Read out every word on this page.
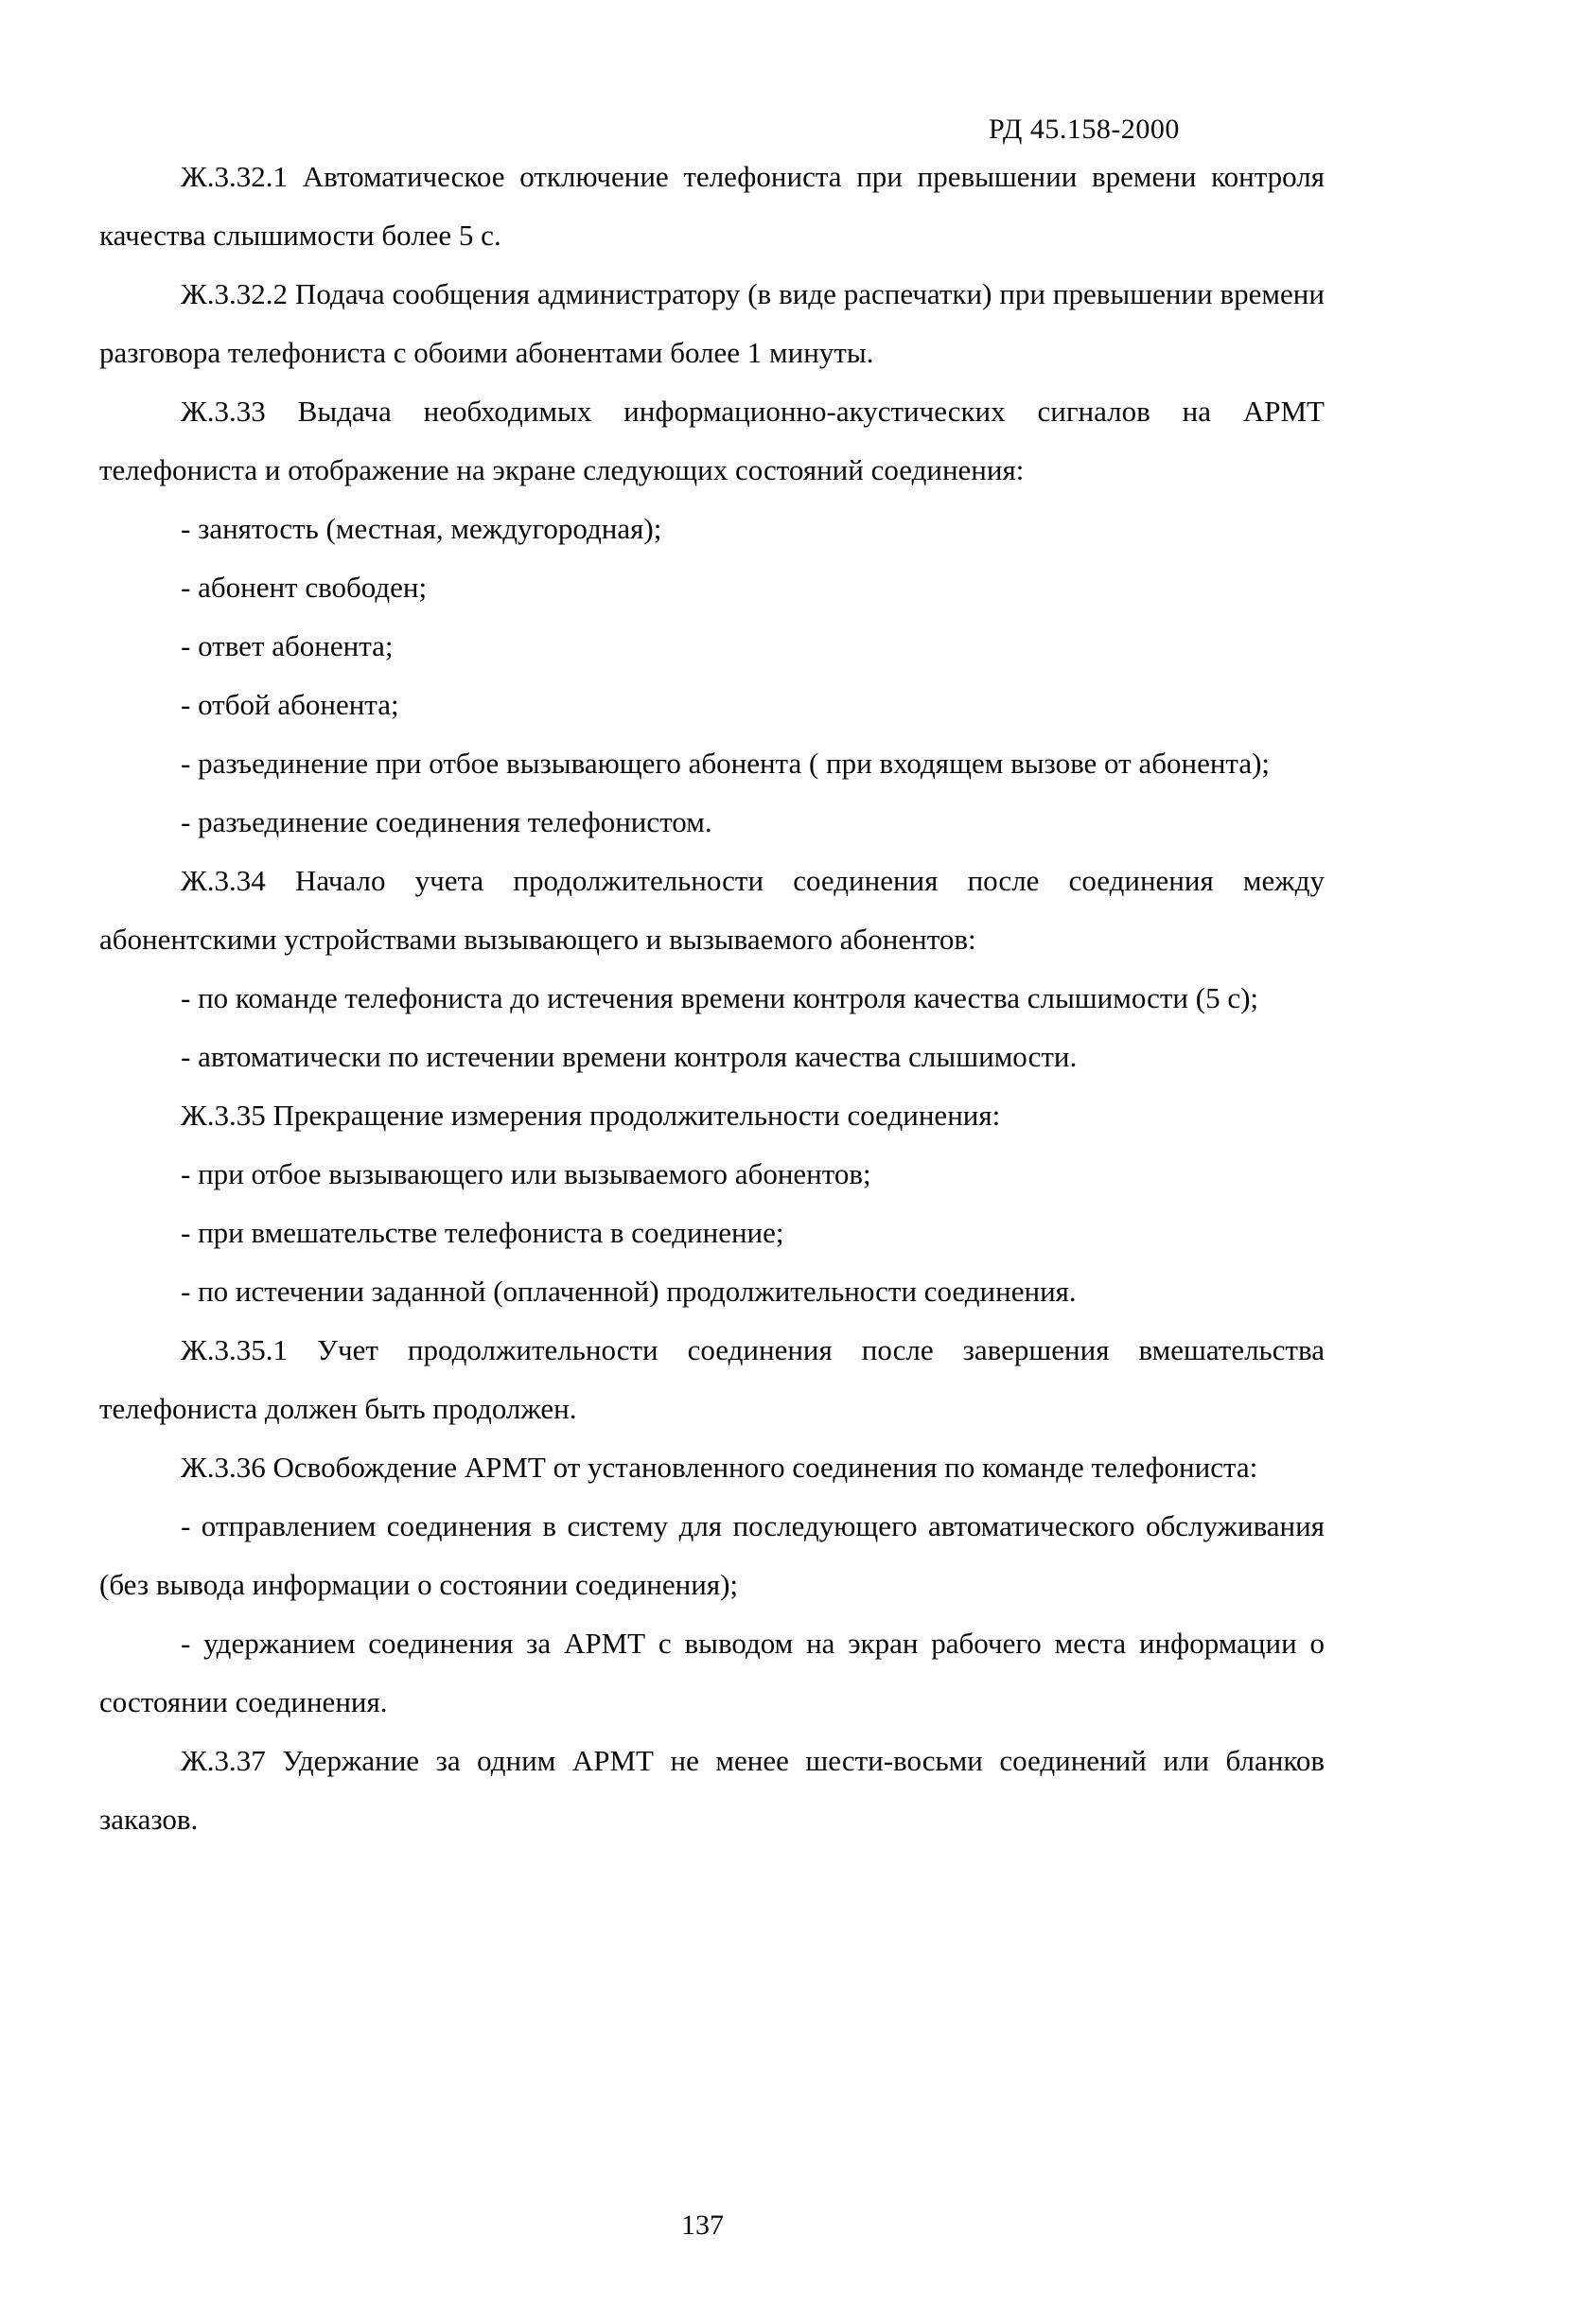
РД 45.158-2000

Ж.3.32.1 Автоматическое отключение телефониста при превышении времени контроля качества слышимости более 5 с.

Ж.3.32.2 Подача сообщения администратору (в виде распечатки) при превышении времени разговора телефониста с обоими абонентами более 1 минуты.

Ж.3.33 Выдача необходимых информационно-акустических сигналов на АРМТ телефониста и отображение на экране следующих состояний соединения:

- занятость (местная, междугородная);

- абонент свободен;

- ответ абонента;

- отбой абонента;

- разъединение при отбое вызывающего абонента ( при входящем вызове от абонента);

- разъединение соединения телефонистом.

Ж.3.34 Начало учета продолжительности соединения после соединения между абонентскими устройствами вызывающего и вызываемого абонентов:

- по команде телефониста до истечения времени контроля качества слышимости (5 с);

- автоматически по истечении времени контроля качества слышимости.

Ж.3.35 Прекращение измерения продолжительности соединения:

- при отбое вызывающего или вызываемого абонентов;

- при вмешательстве телефониста в соединение;

- по истечении заданной (оплаченной) продолжительности соединения.

Ж.3.35.1 Учет продолжительности соединения после завершения вмешательства телефониста должен быть продолжен.

Ж.3.36 Освобождение АРМТ от установленного соединения по команде телефониста:

- отправлением соединения в систему для последующего автоматического обслуживания (без вывода информации о состоянии соединения);

- удержанием соединения за АРМТ с выводом на экран рабочего места информации о состоянии соединения.

Ж.3.37 Удержание за одним АРМТ не менее шести-восьми соединений или бланков заказов.

137
